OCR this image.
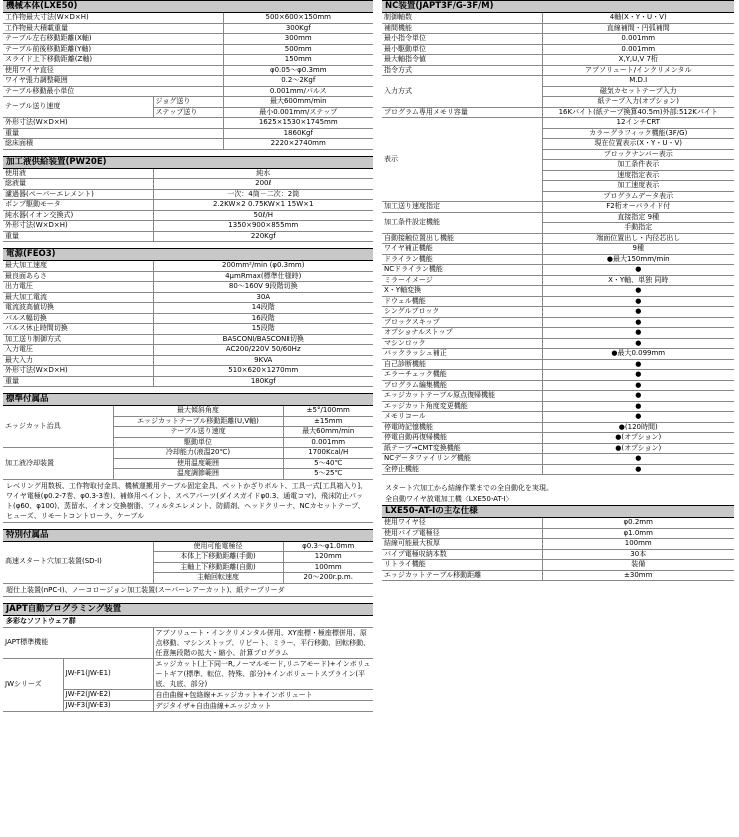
機械本体(LXE50)
工作物最大寸法(W×D×H)		500×600×150mm
工作物最大積載重量		300Kgf
テーブル左右移動距離(X軸)		300mm
テーブル前後移動距離(Y軸)		500mm
スライド上下移動距離(Z軸)		150mm
使用ワイヤ直径		φ0.05～φ0.3mm
ワイヤ張力調整範囲		0.2～2Kgf
テーブル移動最小単位		0.001mm/パルス
テーブル送り速度	ジョグ送り	最大600mm/min
	ステップ送り	最小0.001mm/ステップ
外形寸法(W×D×H)		1625×1530×1745mm
重量		1860Kgf
総床面積		2220×2740mm
加工液供給装置(PW20E)
使用液	純水
総液量	200ℓ
濾過器(ペーパーエレメント)	一次：4筒－二次：2筒
ポンプ駆動モータ	2.2KW×2 0.75KW×1 15W×1
純水器(イオン交換式)	50ℓ/H
外形寸法(W×D×H)	1350×900×855mm
重量	220Kgf
電源(FEO3)
最大加工速度	200mm²/min (φ0.3mm)
最良面あらさ	4μmRmax(標準仕様時)
出力電圧	80～160V 9段階切換
最大加工電流	30A
電流波高値切換	14段階
パルス幅切換	16段階
パルス休止時間切換	15段階
加工送り制御方式	BASCONⅠ/BASCONⅡ切換
入力電圧	AC200/220V 50/60Hz
最大入力	9KVA
外形寸法(W×D×H)	510×620×1270mm
重量	180Kgf
標準付属品
エッジカット治具	最大傾斜角度	±5°/100mm
	エッジカットテーブル移動距離(U,V軸)	±15mm
	テーブル送り速度	最大60mm/min
	駆動単位	0.001mm
加工液冷却装置	冷却能力(液温20℃)	1700Kcal/H
	使用温度範囲	5～40℃
	温度調節範囲	5～25℃
レベリング用数板、工作物取付金具、機械運搬用テーブル固定金具、ペットかざりボルト、工具一式[工具箱入り]、ワイヤ電極(φ0.2-7巻、φ0.3-3巻)、補修用ペイント、スペアパーツ(ダイスガイドφ0.3、通電コマ)、飛沫防止パット(φ60、φ100)、蒸留水、イオン交換樹脂、フィルタエレメント、防錆剤、ヘッドクリーナ、NCカセットテープ、ヒューズ、リモートコントローラ、ケーブル
特別付属品
高速スタート穴加工装置(SD-I)	使用可能電極径	φ0.3～φ1.0mm
	本体上下移動距離(手動)	120mm
	主軸上下移動距離(自動)	100mm
	主軸回転速度	20～200r.p.m.
超仕上装置(nPC-I)、ノーコロージョン加工装置(スーパーレアーカット)、紙テープリーダ
JAPT自動プログラミング装置
多彩なソフトウェア群
JAPT標準機能		アブソリュート・インクリメンタル併用、XY座標・極座標併用、原点移動、マシンストップ、リピート、ミラー、平行移動、回転移動、任意無段階の拡大・縮小、計算プログラム
JWシリーズ	JW-F1(JW-E1)	エッジカット(上下同一R,ノーマルモード,リニアモード)+インボリュートギア(標準、転位、特殊、部分)+インボリュートスプライン(平底、丸底、部分)
	JW-F2(JW-E2)	自由曲線+包絡線+エッジカット+インボリュート
	JW-F3(JW-E3)	デジタイザ+自由曲線+エッジカット
NC装置(JAPT3F/G-3F/M)
制御軸数	4軸(X・Y・U・V)
補間機能	直線補間・円弧補間
最小指令単位	0.001mm
最小駆動単位	0.001mm
最大軸指令値	X,Y,U,V 7桁
指令方式	アブソリュート/インクリメンタル
入力方式	M.D.I
	磁気カセットテープ入力
	紙テープ入力(オプション)
プログラム専用メモリ容量	16Kバイト(紙テープ換算40.5m)外部:512Kバイト
表示	12インチCRT
	カラーグラフィック機能(3F/G)
	現在位置表示(X・Y・U・V)
	ブロックナンバー表示
	加工条件表示
	速度指定表示
	加工速度表示
	プログラムデータ表示
加工送り速度指定	F2桁オーバライド付
加工条件設定機能	直接指定 9種
	手動指定
自動接触位置出し機能	端面位置出し・内径芯出し
ワイヤ補正機能	9種
ドライラン機能	●最大150mm/min
NCドライラン機能	●
ミラーイメージ	X・Y軸、単独 同時
X・Y軸変換	●
ドウェル機能	●
シングルブロック	●
ブロックスキップ	●
オプショナルストップ	●
マシンロック	●
バックラッシュ補正	●最大0.099mm
自己診断機能	●
エラーチェック機能	●
プログラム編集機能	●
エッジカットテーブル原点復帰機能	●
エッジカット角度変更機能	●
メモリコール	●
停電時記憶機能	●(120時間)
停電自動再復帰機能	●(オプション)
紙テープ→CMT変換機能	●(オプション)
NCデータファイリング機能	●
全停止機能	●
スタート穴加工から結線作業までの全自動化を実現。
全自動ワイヤ放電加工機〈LXE50-AT-I〉
LXE50-AT-Iの主な仕様
使用ワイヤ径	φ0.2mm
使用パイプ電極径	φ1.0mm
結線可能最大板厚	100mm
パイプ電極収納本数	30本
リトライ機能	装備
エッジカットテーブル移動距離	±30mm
